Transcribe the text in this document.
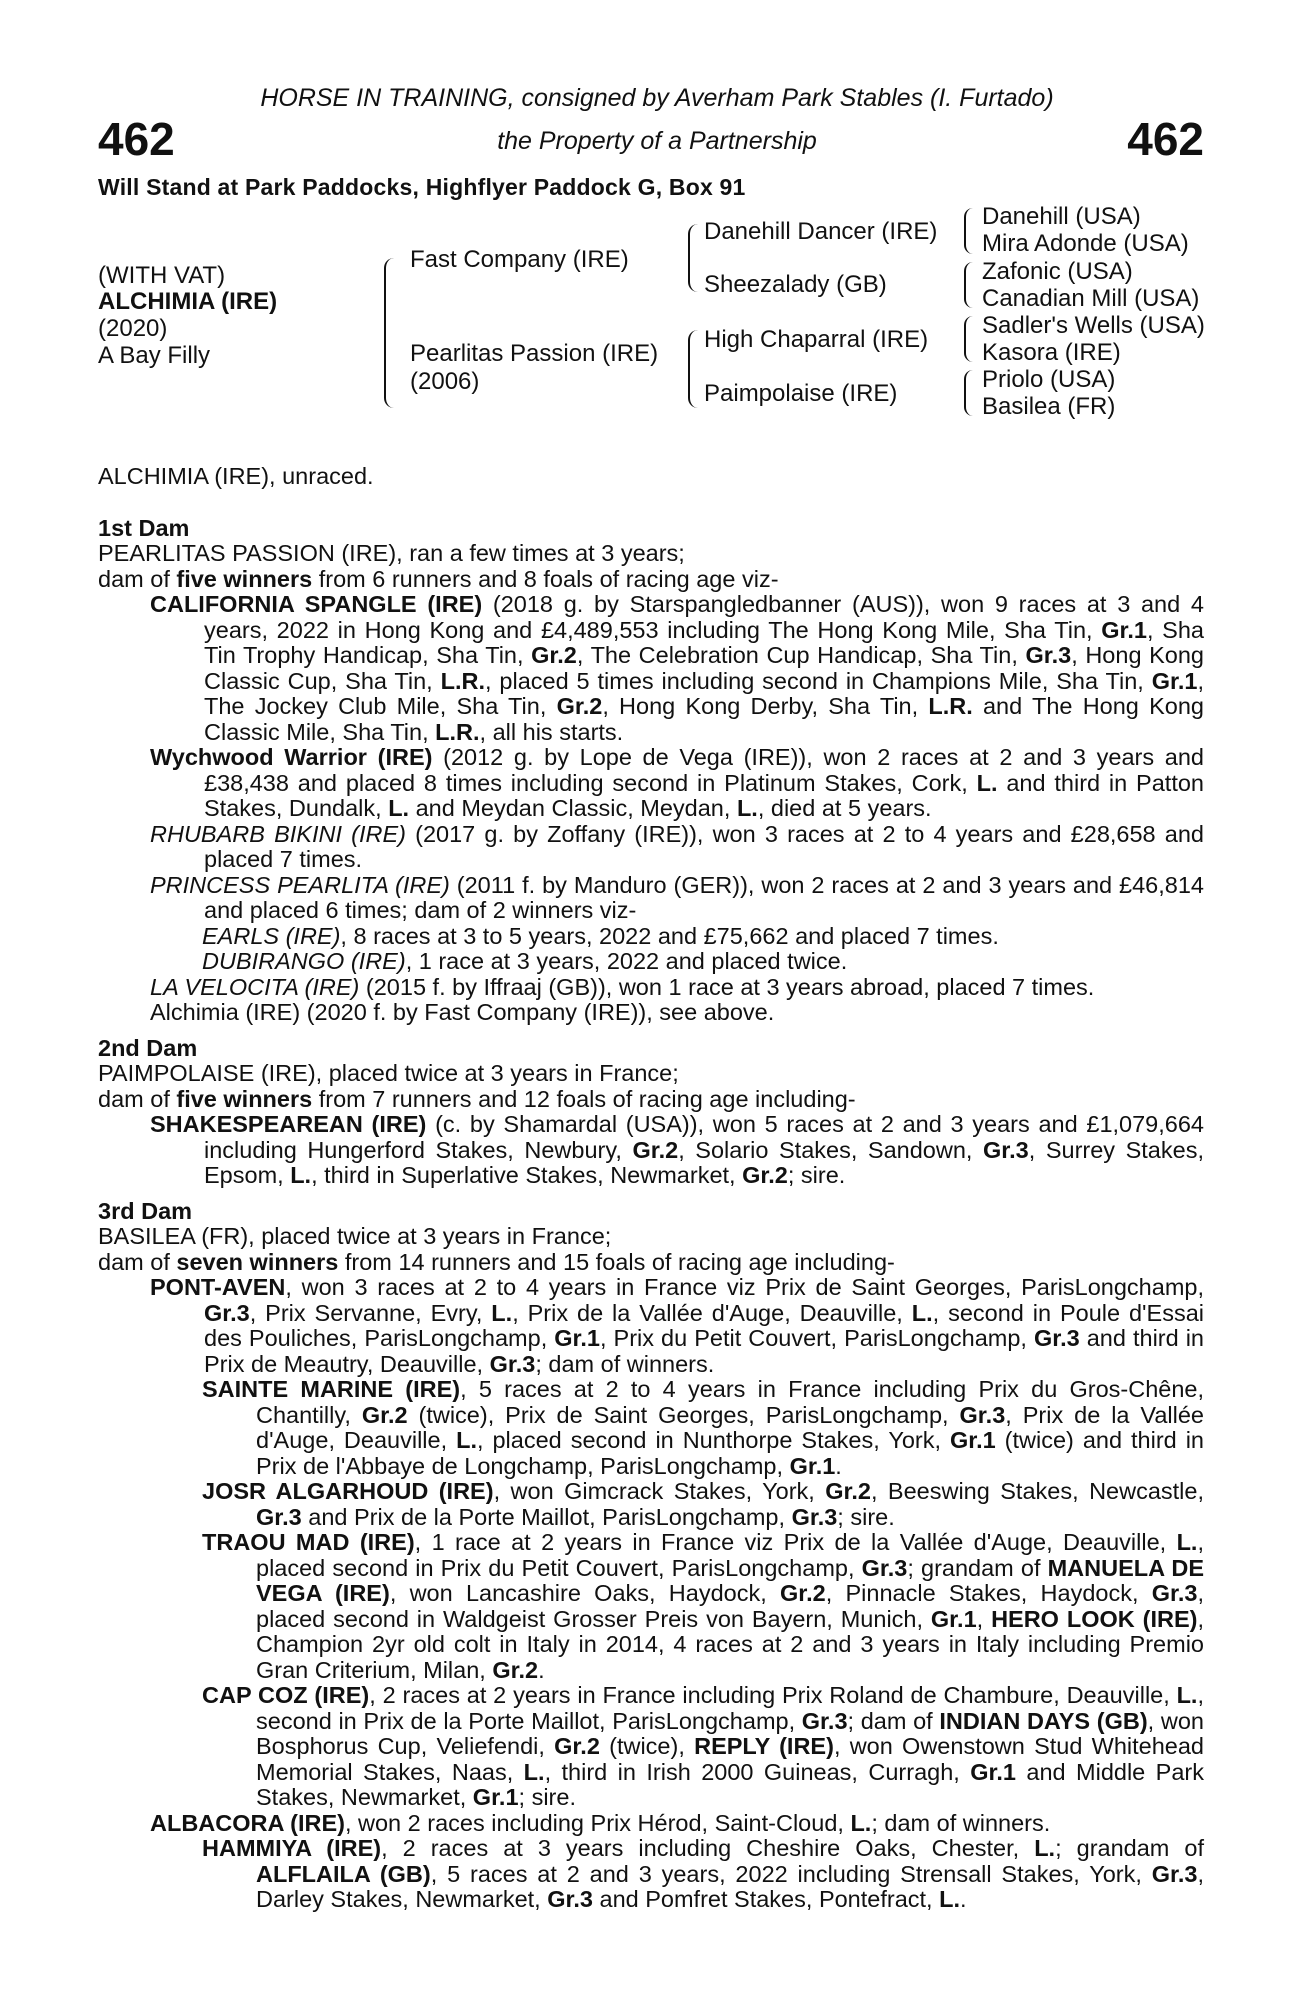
HORSE IN TRAINING, consigned by Averham Park Stables (I. Furtado)
the Property of a Partnership
462	462
Will Stand at Park Paddocks, Highflyer Paddock G, Box 91
(WITH VAT)
ALCHIMIA (IRE)
(2020)
A Bay Filly
Fast Company (IRE)
Pearlitas Passion (IRE)
(2006)
Danehill Dancer (IRE)
Sheezalady (GB)
High Chaparral (IRE)
Paimpolaise (IRE)
Danehill (USA)
Mira Adonde (USA)
Zafonic (USA)
Canadian Mill (USA)
Sadler's Wells (USA)
Kasora (IRE)
Priolo (USA)
Basilea (FR)

ALCHIMIA (IRE), unraced.

1st Dam

PEARLITAS PASSION (IRE), ran a few times at 3 years;

dam of five winners from 6 runners and 8 foals of racing age viz-

CALIFORNIA SPANGLE (IRE) (2018 g. by Starspangledbanner (AUS)), won 9 races at 3 and 4 years, 2022 in Hong Kong and £4,489,553 including The Hong Kong Mile, Sha Tin, Gr.1, Sha Tin Trophy Handicap, Sha Tin, Gr.2, The Celebration Cup Handicap, Sha Tin, Gr.3, Hong Kong Classic Cup, Sha Tin, L.R., placed 5 times including second in Champions Mile, Sha Tin, Gr.1, The Jockey Club Mile, Sha Tin, Gr.2, Hong Kong Derby, Sha Tin, L.R. and The Hong Kong Classic Mile, Sha Tin, L.R., all his starts.

Wychwood Warrior (IRE) (2012 g. by Lope de Vega (IRE)), won 2 races at 2 and 3 years and £38,438 and placed 8 times including second in Platinum Stakes, Cork, L. and third in Patton Stakes, Dundalk, L. and Meydan Classic, Meydan, L., died at 5 years.

RHUBARB BIKINI (IRE) (2017 g. by Zoffany (IRE)), won 3 races at 2 to 4 years and £28,658 and placed 7 times.

PRINCESS PEARLITA (IRE) (2011 f. by Manduro (GER)), won 2 races at 2 and 3 years and £46,814 and placed 6 times; dam of 2 winners viz-

EARLS (IRE), 8 races at 3 to 5 years, 2022 and £75,662 and placed 7 times.

DUBIRANGO (IRE), 1 race at 3 years, 2022 and placed twice.

LA VELOCITA (IRE) (2015 f. by Iffraaj (GB)), won 1 race at 3 years abroad, placed 7 times.

Alchimia (IRE) (2020 f. by Fast Company (IRE)), see above.

2nd Dam

PAIMPOLAISE (IRE), placed twice at 3 years in France;

dam of five winners from 7 runners and 12 foals of racing age including-

SHAKESPEAREAN (IRE) (c. by Shamardal (USA)), won 5 races at 2 and 3 years and £1,079,664 including Hungerford Stakes, Newbury, Gr.2, Solario Stakes, Sandown, Gr.3, Surrey Stakes, Epsom, L., third in Superlative Stakes, Newmarket, Gr.2; sire.

3rd Dam

BASILEA (FR), placed twice at 3 years in France;

dam of seven winners from 14 runners and 15 foals of racing age including-

PONT-AVEN, won 3 races at 2 to 4 years in France viz Prix de Saint Georges, ParisLongchamp, Gr.3, Prix Servanne, Evry, L., Prix de la Vallée d'Auge, Deauville, L., second in Poule d'Essai des Pouliches, ParisLongchamp, Gr.1, Prix du Petit Couvert, ParisLongchamp, Gr.3 and third in Prix de Meautry, Deauville, Gr.3; dam of winners.

SAINTE MARINE (IRE), 5 races at 2 to 4 years in France including Prix du Gros-Chêne, Chantilly, Gr.2 (twice), Prix de Saint Georges, ParisLongchamp, Gr.3, Prix de la Vallée d'Auge, Deauville, L., placed second in Nunthorpe Stakes, York, Gr.1 (twice) and third in Prix de l'Abbaye de Longchamp, ParisLongchamp, Gr.1.

JOSR ALGARHOUD (IRE), won Gimcrack Stakes, York, Gr.2, Beeswing Stakes, Newcastle, Gr.3 and Prix de la Porte Maillot, ParisLongchamp, Gr.3; sire.

TRAOU MAD (IRE), 1 race at 2 years in France viz Prix de la Vallée d'Auge, Deauville, L., placed second in Prix du Petit Couvert, ParisLongchamp, Gr.3; grandam of MANUELA DE VEGA (IRE), won Lancashire Oaks, Haydock, Gr.2, Pinnacle Stakes, Haydock, Gr.3, placed second in Waldgeist Grosser Preis von Bayern, Munich, Gr.1, HERO LOOK (IRE), Champion 2yr old colt in Italy in 2014, 4 races at 2 and 3 years in Italy including Premio Gran Criterium, Milan, Gr.2.

CAP COZ (IRE), 2 races at 2 years in France including Prix Roland de Chambure, Deauville, L., second in Prix de la Porte Maillot, ParisLongchamp, Gr.3; dam of INDIAN DAYS (GB), won Bosphorus Cup, Veliefendi, Gr.2 (twice), REPLY (IRE), won Owenstown Stud Whitehead Memorial Stakes, Naas, L., third in Irish 2000 Guineas, Curragh, Gr.1 and Middle Park Stakes, Newmarket, Gr.1; sire.

ALBACORA (IRE), won 2 races including Prix Hérod, Saint-Cloud, L.; dam of winners.

HAMMIYA (IRE), 2 races at 3 years including Cheshire Oaks, Chester, L.; grandam of ALFLAILA (GB), 5 races at 2 and 3 years, 2022 including Strensall Stakes, York, Gr.3, Darley Stakes, Newmarket, Gr.3 and Pomfret Stakes, Pontefract, L..
